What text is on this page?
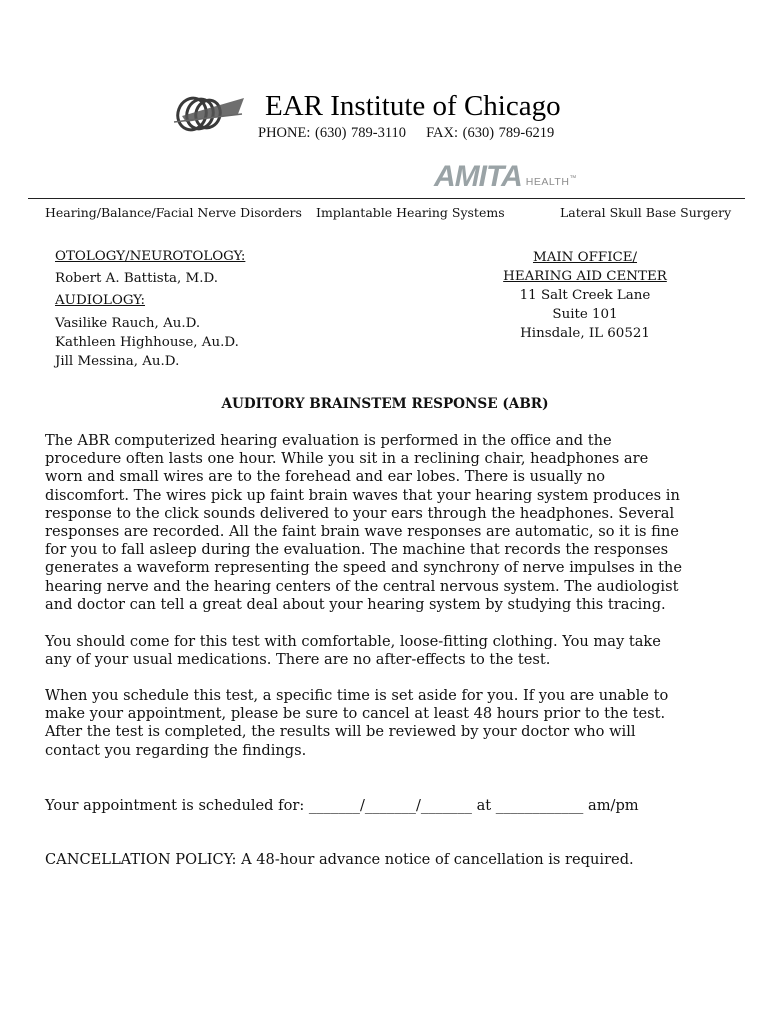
EAR Institute of Chicago
PHONE: (630) 789-3110 FAX: (630) 789-6219
AMITA HEALTH™
Hearing/Balance/Facial Nerve Disorders Implantable Hearing Systems	Lateral Skull Base Surgery
OTOLOGY/NEUROTOLOGY:
Robert A. Battista, M.D.
AUDIOLOGY:
Vasilike Rauch, Au.D.
Kathleen Highhouse, Au.D.
Jill Messina, Au.D.
MAIN OFFICE/
HEARING AID CENTER
11 Salt Creek Lane
Suite 101
Hinsdale, IL 60521
AUDITORY BRAINSTEM RESPONSE (ABR)
The ABR computerized hearing evaluation is performed in the office and the
procedure often lasts one hour. While you sit in a reclining chair, headphones are
worn and small wires are to the forehead and ear lobes. There is usually no
discomfort. The wires pick up faint brain waves that your hearing system produces in
response to the click sounds delivered to your ears through the headphones. Several
responses are recorded. All the faint brain wave responses are automatic, so it is fine
for you to fall asleep during the evaluation. The machine that records the responses
generates a waveform representing the speed and synchrony of nerve impulses in the
hearing nerve and the hearing centers of the central nervous system. The audiologist
and doctor can tell a great deal about your hearing system by studying this tracing.
You should come for this test with comfortable, loose-fitting clothing. You may take
any of your usual medications. There are no after-effects to the test.
When you schedule this test, a specific time is set aside for you. If you are unable to
make your appointment, please be sure to cancel at least 48 hours prior to the test.
After the test is completed, the results will be reviewed by your doctor who will
contact you regarding the findings.
Your appointment is scheduled for: _______/_______/_______ at ____________ am/pm
CANCELLATION POLICY: A 48-hour advance notice of cancellation is required.
